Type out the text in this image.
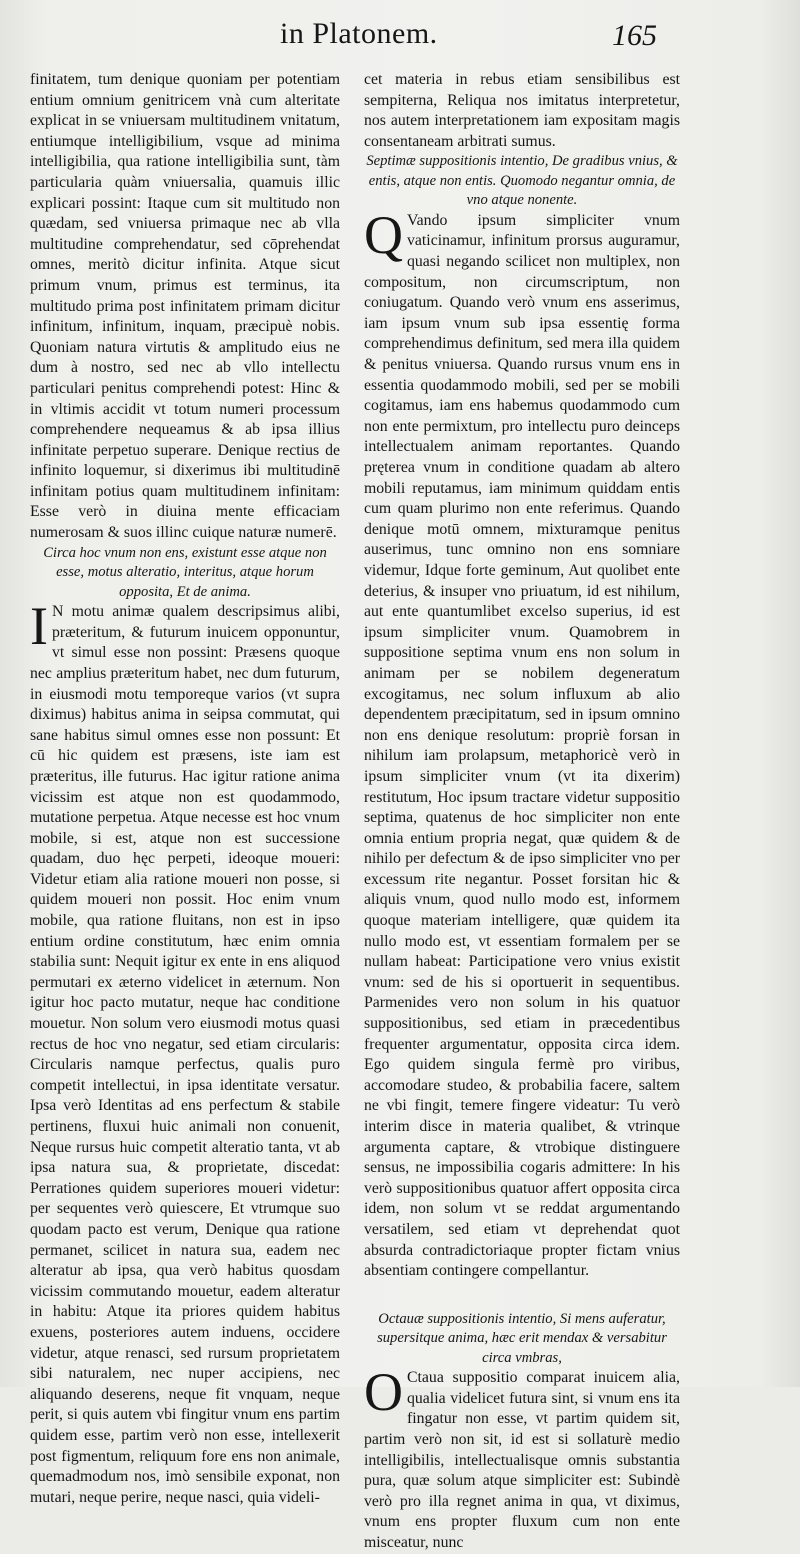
in Platonem.	165

finitatem, tum denique quoniam per potentiam entium omnium genitricem vnà cum alteritate explicat in se vniuersam multitudinem vnitatum, entiumque intelligibilium, vsque ad minima intelligibilia, qua ratione intelligibilia sunt, tàm particularia quàm vniuersalia, quamuis illic explicari possint: Itaque cum sit multitudo non quædam, sed vniuersa primaque nec ab vlla multitudine comprehendatur, sed cōprehendat omnes, meritò dicitur infinita. Atque sicut primum vnum, primus est terminus, ita multitudo prima post infinitatem primam dicitur infinitum, infinitum, inquam, præcipuè nobis. Quoniam natura virtutis & amplitudo eius ne dum à nostro, sed nec ab vllo intellectu particulari penitus comprehendi potest: Hinc & in vltimis accidit vt totum numeri processum comprehendere nequeamus & ab ipsa illius infinitate perpetuo superare. Denique rectius de infinito loquemur, si dixerimus ibi multitudinē infinitam potius quam multitudinem infinitam: Esse verò in diuina mente efficaciam numerosam & suos illinc cuique naturæ numerē.

Circa hoc vnum non ens, existunt esse atque non esse, motus alteratio, interitus, atque horum opposita, Et de anima.

IN motu animæ qualem descripsimus alibi, præteritum, & futurum inuicem opponuntur, vt simul esse non possint: Præsens quoque nec amplius præteritum habet, nec dum futurum, in eiusmodi motu temporeque varios (vt supra diximus) habitus anima in seipsa commutat, qui sane habitus simul omnes esse non possunt: Et cū hic quidem est præsens, iste iam est præteritus, ille futurus. Hac igitur ratione anima vicissim est atque non est quodammodo, mutatione perpetua. Atque necesse est hoc vnum mobile, si est, atque non est successione quadam, duo hęc perpeti, ideoque moueri: Videtur etiam alia ratione moueri non posse, si quidem moueri non possit. Hoc enim vnum mobile, qua ratione fluitans, non est in ipso entium ordine constitutum, hæc enim omnia stabilia sunt: Nequit igitur ex ente in ens aliquod permutari ex æterno videlicet in æternum. Non igitur hoc pacto mutatur, neque hac conditione mouetur. Non solum vero eiusmodi motus quasi rectus de hoc vno negatur, sed etiam circularis: Circularis namque perfectus, qualis puro competit intellectui, in ipsa identitate versatur. Ipsa verò Identitas ad ens perfectum & stabile pertinens, fluxui huic animali non conuenit, Neque rursus huic competit alteratio tanta, vt ab ipsa natura sua, & proprietate, discedat: Perrationes quidem superiores moueri videtur: per sequentes verò quiescere, Et vtrumque suo quodam pacto est verum, Denique qua ratione permanet, scilicet in natura sua, eadem nec alteratur ab ipsa, qua verò habitus quosdam vicissim commutando mouetur, eadem alteratur in habitu: Atque ita priores quidem habitus exuens, posteriores autem induens, occidere videtur, atque renasci, sed rursum proprietatem sibi naturalem, nec nuper accipiens, nec aliquando deserens, neque fit vnquam, neque perit, si quis autem vbi fingitur vnum ens partim quidem esse, partim verò non esse, intellexerit post figmentum, reliquum fore ens non animale, quemadmodum nos, imò sensibile exponat, non mutari, neque perire, neque nasci, quia videli-

cet materia in rebus etiam sensibilibus est sempiterna, Reliqua nos imitatus interpretetur, nos autem interpretationem iam expositam magis consentaneam arbitrati sumus.

Septimæ suppositionis intentio, De gradibus vnius, & entis, atque non entis. Quomodo negantur omnia, de vno atque nonente.

QVando ipsum simpliciter vnum vaticinamur, infinitum prorsus auguramur, quasi negando scilicet non multiplex, non compositum, non circumscriptum, non coniugatum. Quando verò vnum ens asserimus, iam ipsum vnum sub ipsa essentię forma comprehendimus definitum, sed mera illa quidem & penitus vniuersa. Quando rursus vnum ens in essentia quodammodo mobili, sed per se mobili cogitamus, iam ens habemus quodammodo cum non ente permixtum, pro intellectu puro deinceps intellectualem animam reportantes. Quando pręterea vnum in conditione quadam ab altero mobili reputamus, iam minimum quiddam entis cum quam plurimo non ente referimus. Quando denique motū omnem, mixturamque penitus auserimus, tunc omnino non ens somniare videmur, Idque forte geminum, Aut quolibet ente deterius, & insuper vno priuatum, id est nihilum, aut ente quantumlibet excelso superius, id est ipsum simpliciter vnum. Quamobrem in suppositione septima vnum ens non solum in animam per se nobilem degeneratum excogitamus, nec solum influxum ab alio dependentem præcipitatum, sed in ipsum omnino non ens denique resolutum: propriè forsan in nihilum iam prolapsum, metaphoricè verò in ipsum simpliciter vnum (vt ita dixerim) restitutum, Hoc ipsum tractare videtur suppositio septima, quatenus de hoc simpliciter non ente omnia entium propria negat, quæ quidem & de nihilo per defectum & de ipso simpliciter vno per excessum rite negantur. Posset forsitan hic & aliquis vnum, quod nullo modo est, informem quoque materiam intelligere, quæ quidem ita nullo modo est, vt essentiam formalem per se nullam habeat: Participatione vero vnius existit vnum: sed de his si oportuerit in sequentibus. Parmenides vero non solum in his quatuor suppositionibus, sed etiam in præcedentibus frequenter argumentatur, opposita circa idem. Ego quidem singula fermè pro viribus, accomodare studeo, & probabilia facere, saltem ne vbi fingit, temere fingere videatur: Tu verò interim disce in materia qualibet, & vtrinque argumenta captare, & vtrobique distinguere sensus, ne impossibilia cogaris admittere: In his verò suppositionibus quatuor affert opposita circa idem, non solum vt se reddat argumentando versatilem, sed etiam vt deprehendat quot absurda contradictoriaque propter fictam vnius absentiam contingere compellantur.

Octauæ suppositionis intentio, Si mens auferatur, supersitque anima, hæc erit mendax & versabitur circa vmbras,

OCtaua suppositio comparat inuicem alia, qualia videlicet futura sint, si vnum ens ita fingatur non esse, vt partim quidem sit, partim verò non sit, id est si sollaturè medio intelligibilis, intellectualisque omnis substantia pura, quæ solum atque simpliciter est: Subindè verò pro illa regnet anima in qua, vt diximus, vnum ens propter fluxum cum non ente misceatur, nunc
